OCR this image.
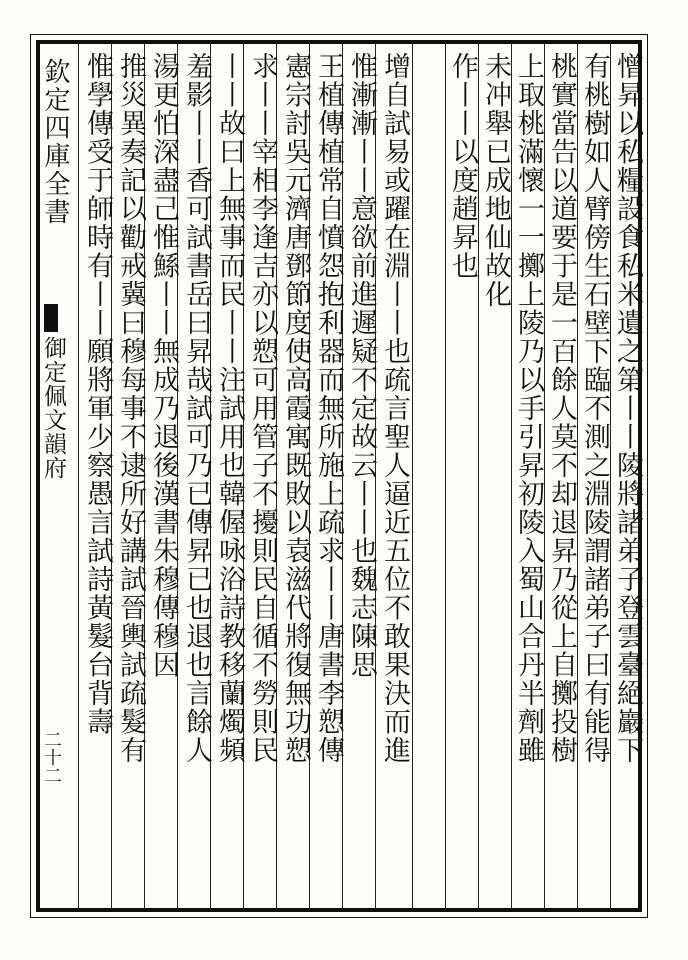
欽定四庫全書
御定佩文韻府
二十二	憎昇以私糧設食私米遺之第丨丨陵將諸弟子登雲臺絕巖下
有桃樹如人臂傍生石壁下臨不測之淵陵謂諸弟子曰有能得
桃實當告以道要于是一百餘人莫不却退昇乃從上自擲投樹
上取桃滿懷一一擲上陵乃以手引昇初陵入蜀山合丹半劑雖
未冲舉已成地仙故化
作丨丨以度趙昇也
增自試易或躍在淵丨丨也疏言聖人逼近五位不敢果決而進
惟漸漸丨丨意欲前進遲疑不定故云丨丨也魏志陳思
王植傳植常自憤怨抱利器而無所施上疏求丨丨唐書李愬傳
憲宗討吳元濟唐鄧節度使高霞寓既敗以袁滋代將復無功愬
求丨丨宰相李逢吉亦以愬可用管子不擾則民自循不勞則民
丨丨故曰上無事而民丨丨注試用也韓偓咏浴詩教移蘭燭頻
羞影丨丨香可試書岳曰昇哉試可乃已傳昇已也退也言餘人
湯更怕深盡己惟鯀丨丨無成乃退後漢書朱穆傳穆因
推災異奏記以勸戒冀曰穆每事不逮所好講試晉輿試疏髮有
惟學傳受于師時有丨丨願將軍少察愚言試詩黃髮台背壽
